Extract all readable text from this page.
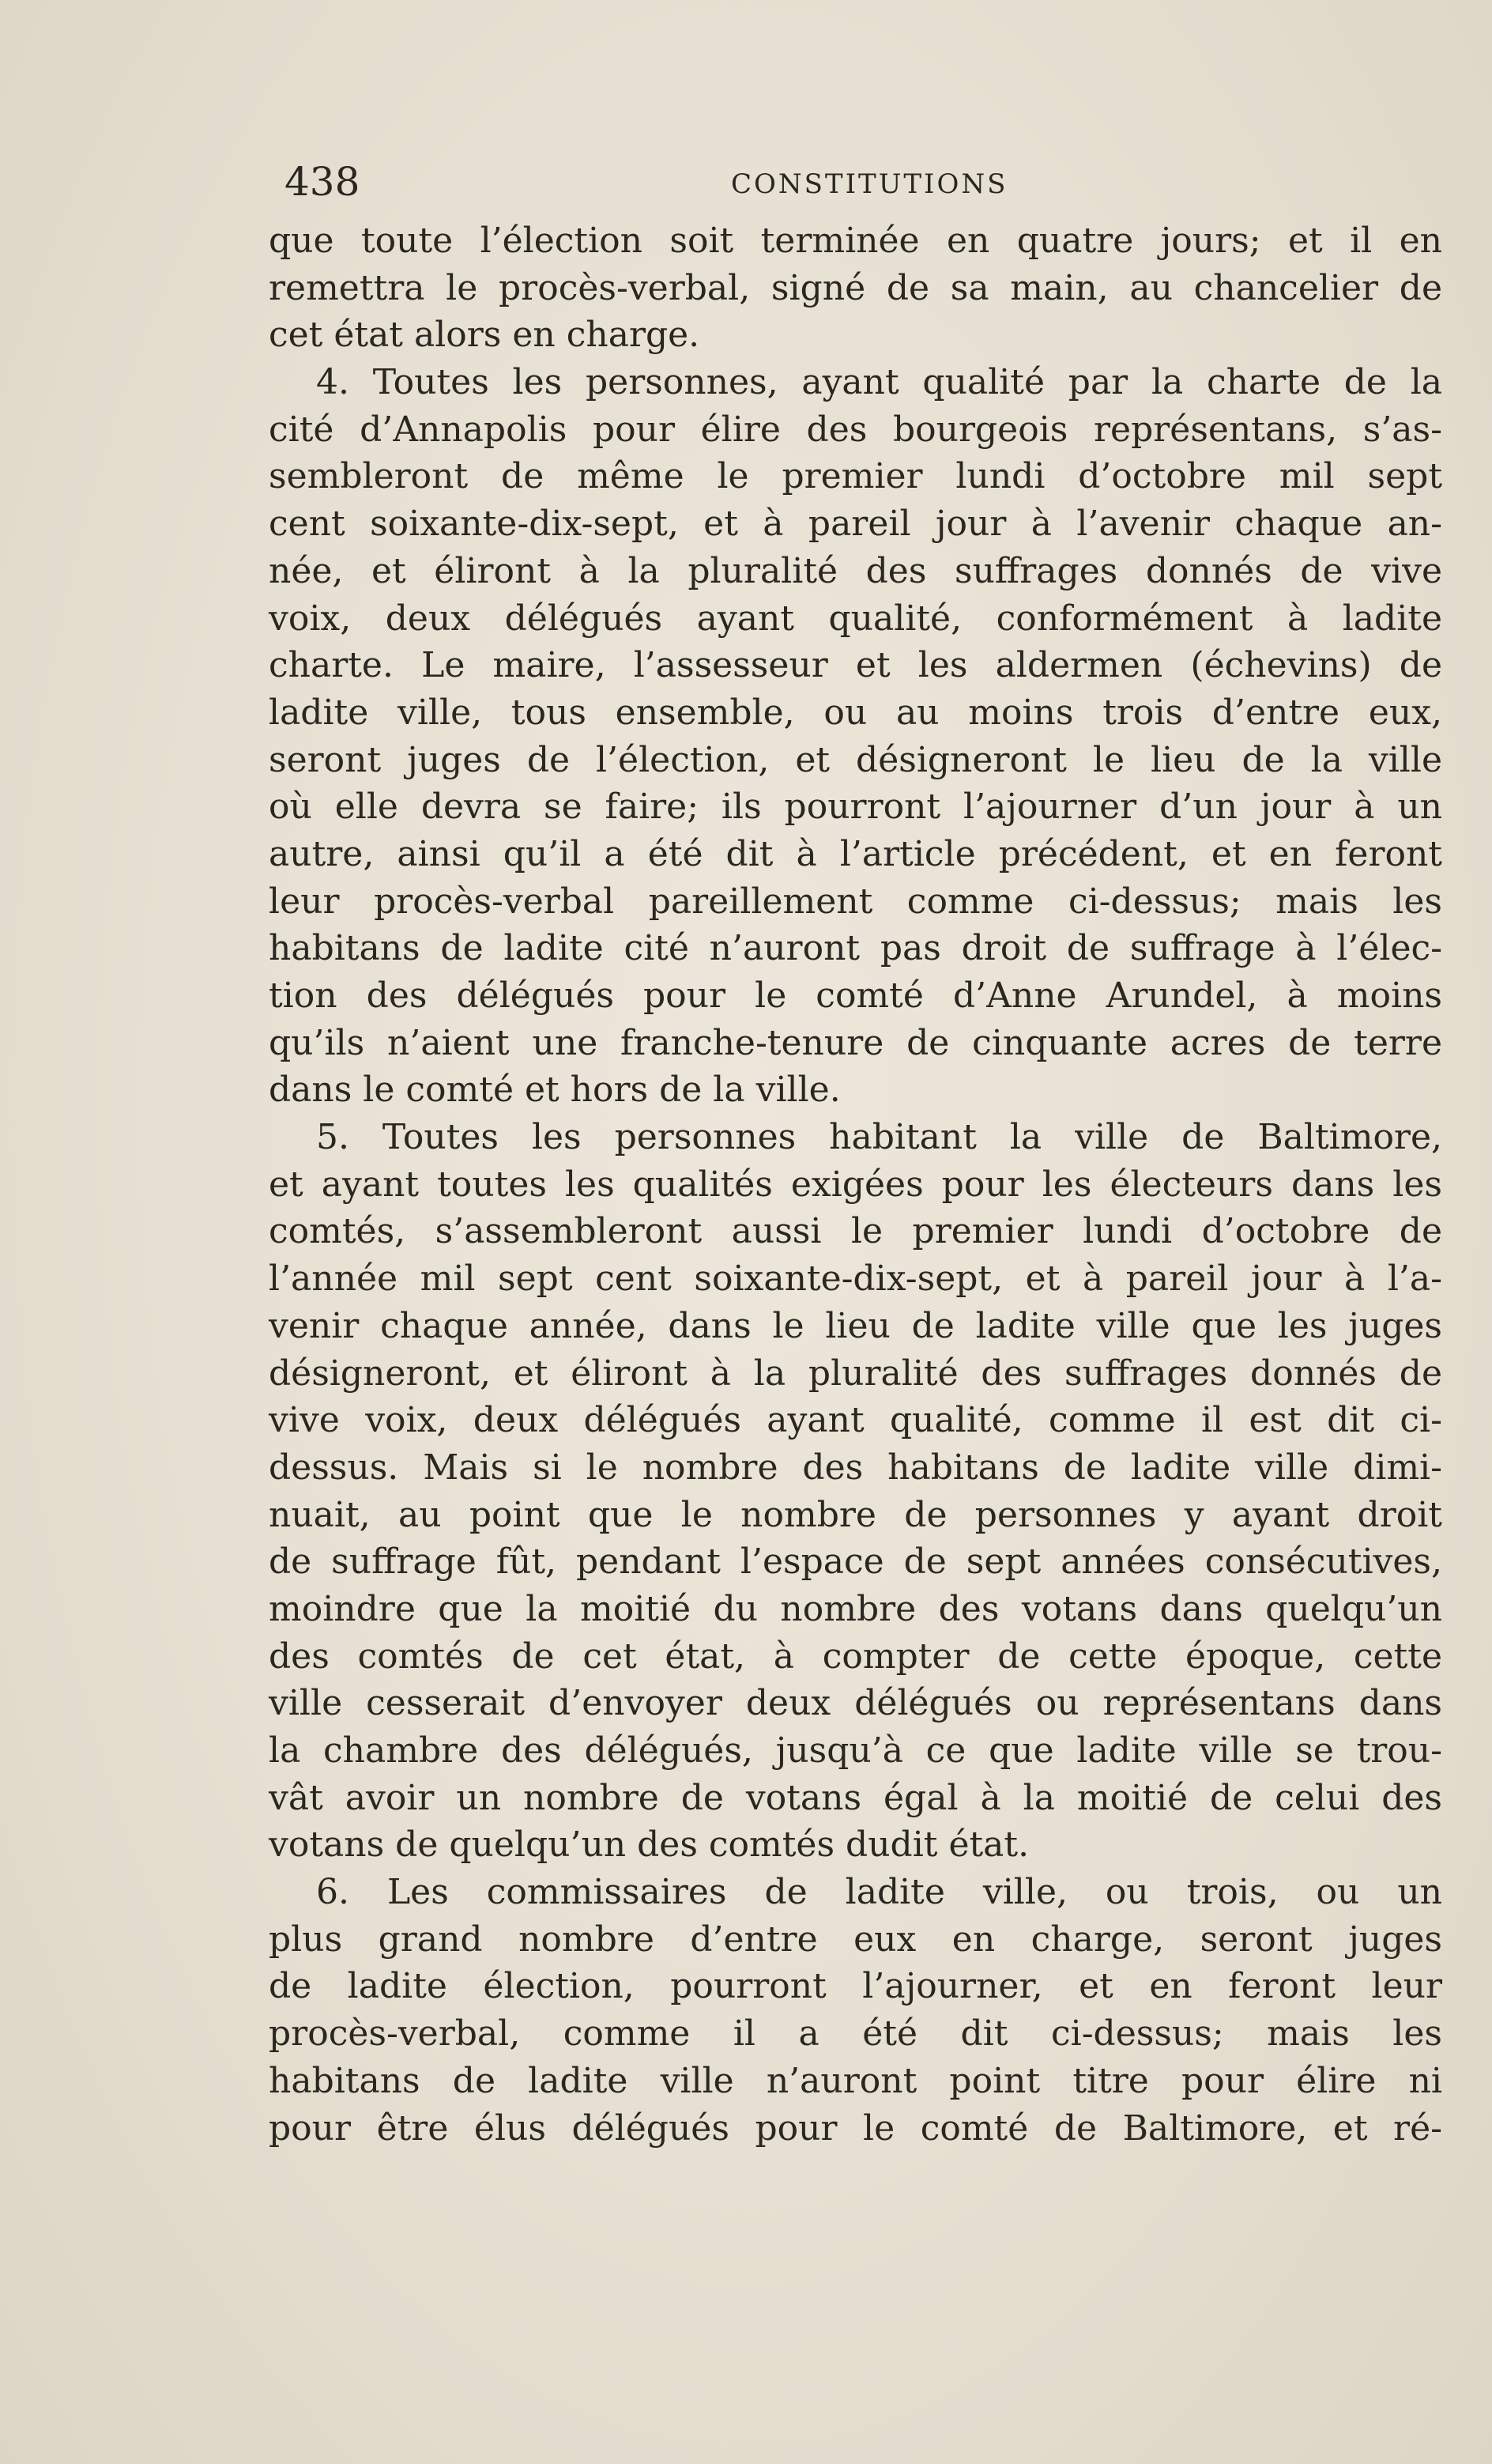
438	CONSTITUTIONS
que toute l’élection soit terminée en quatre jours; et il en
remettra le procès-verbal, signé de sa main, au chancelier de
cet état alors en charge.
4. Toutes les personnes, ayant qualité par la charte de la
cité d’Annapolis pour élire des bourgeois représentans, s’as-
sembleront de même le premier lundi d’octobre mil sept
cent soixante-dix-sept, et à pareil jour à l’avenir chaque an-
née, et éliront à la pluralité des suffrages donnés de vive
voix, deux délégués ayant qualité, conformément à ladite
charte. Le maire, l’assesseur et les aldermen (échevins) de
ladite ville, tous ensemble, ou au moins trois d’entre eux,
seront juges de l’élection, et désigneront le lieu de la ville
où elle devra se faire; ils pourront l’ajourner d’un jour à un
autre, ainsi qu’il a été dit à l’article précédent, et en feront
leur procès-verbal pareillement comme ci-dessus; mais les
habitans de ladite cité n’auront pas droit de suffrage à l’élec-
tion des délégués pour le comté d’Anne Arundel, à moins
qu’ils n’aient une franche-tenure de cinquante acres de terre
dans le comté et hors de la ville.
5. Toutes les personnes habitant la ville de Baltimore,
et ayant toutes les qualités exigées pour les électeurs dans les
comtés, s’assembleront aussi le premier lundi d’octobre de
l’année mil sept cent soixante-dix-sept, et à pareil jour à l’a-
venir chaque année, dans le lieu de ladite ville que les juges
désigneront, et éliront à la pluralité des suffrages donnés de
vive voix, deux délégués ayant qualité, comme il est dit ci-
dessus. Mais si le nombre des habitans de ladite ville dimi-
nuait, au point que le nombre de personnes y ayant droit
de suffrage fût, pendant l’espace de sept années consécutives,
moindre que la moitié du nombre des votans dans quelqu’un
des comtés de cet état, à compter de cette époque, cette
ville cesserait d’envoyer deux délégués ou représentans dans
la chambre des délégués, jusqu’à ce que ladite ville se trou-
vât avoir un nombre de votans égal à la moitié de celui des
votans de quelqu’un des comtés dudit état.
6. Les commissaires de ladite ville, ou trois, ou un
plus grand nombre d’entre eux en charge, seront juges
de ladite élection, pourront l’ajourner, et en feront leur
procès-verbal, comme il a été dit ci-dessus; mais les
habitans de ladite ville n’auront point titre pour élire ni
pour être élus délégués pour le comté de Baltimore, et ré-
